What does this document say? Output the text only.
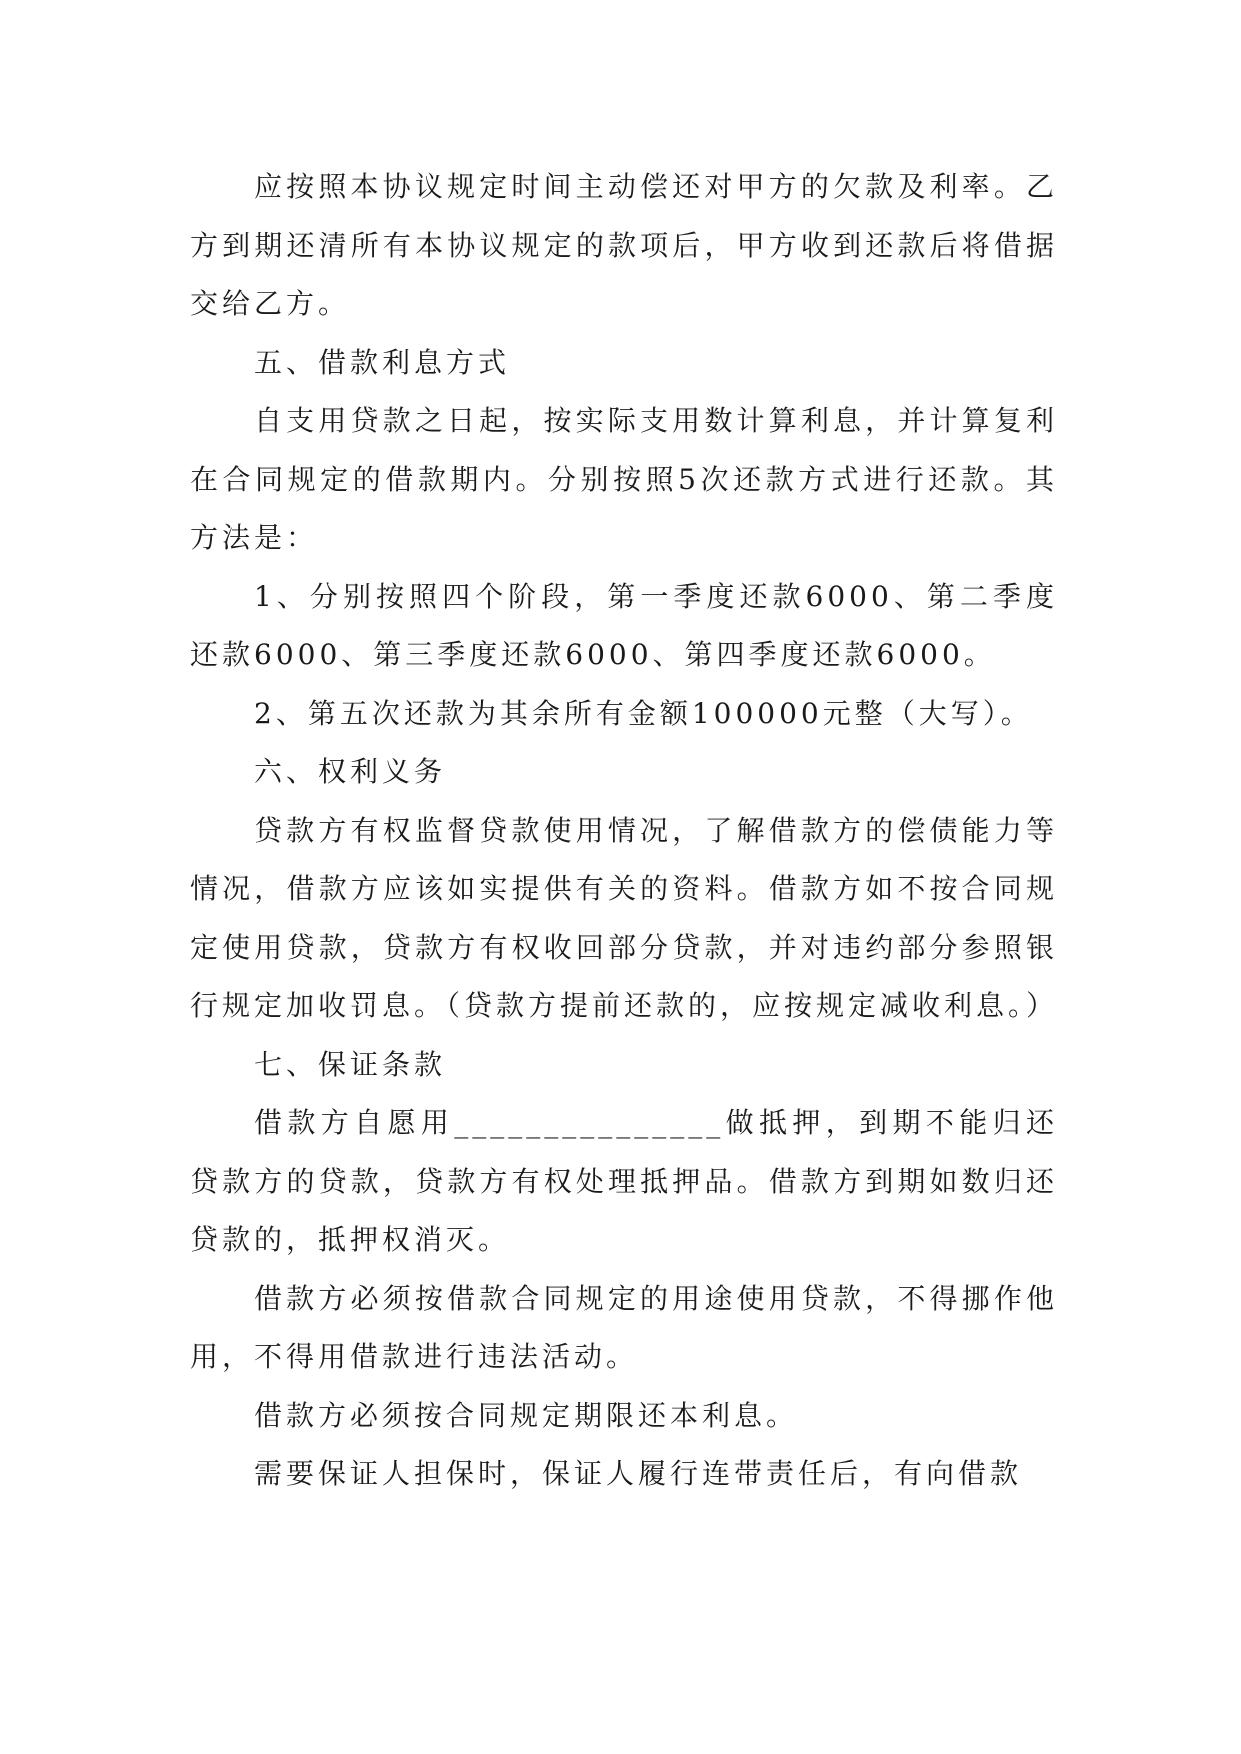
应按照本协议规定时间主动偿还对甲方的欠款及利率。乙方到期还清所有本协议规定的款项后，甲方收到还款后将借据交给乙方。

五、借款利息方式

自支用贷款之日起，按实际支用数计算利息，并计算复利在合同规定的借款期内。分别按照5次还款方式进行还款。其方法是：

1、分别按照四个阶段，第一季度还款6000、第二季度还款6000、第三季度还款6000、第四季度还款6000。

2、第五次还款为其余所有金额100000元整（大写）。

六、权利义务

贷款方有权监督贷款使用情况，了解借款方的偿债能力等情况，借款方应该如实提供有关的资料。借款方如不按合同规定使用贷款，贷款方有权收回部分贷款，并对违约部分参照银行规定加收罚息。（贷款方提前还款的，应按规定减收利息。）

七、保证条款

借款方自愿用_______________做抵押，到期不能归还贷款方的贷款，贷款方有权处理抵押品。借款方到期如数归还贷款的，抵押权消灭。

借款方必须按借款合同规定的用途使用贷款，不得挪作他用，不得用借款进行违法活动。

借款方必须按合同规定期限还本利息。

需要保证人担保时，保证人履行连带责任后，有向借款
